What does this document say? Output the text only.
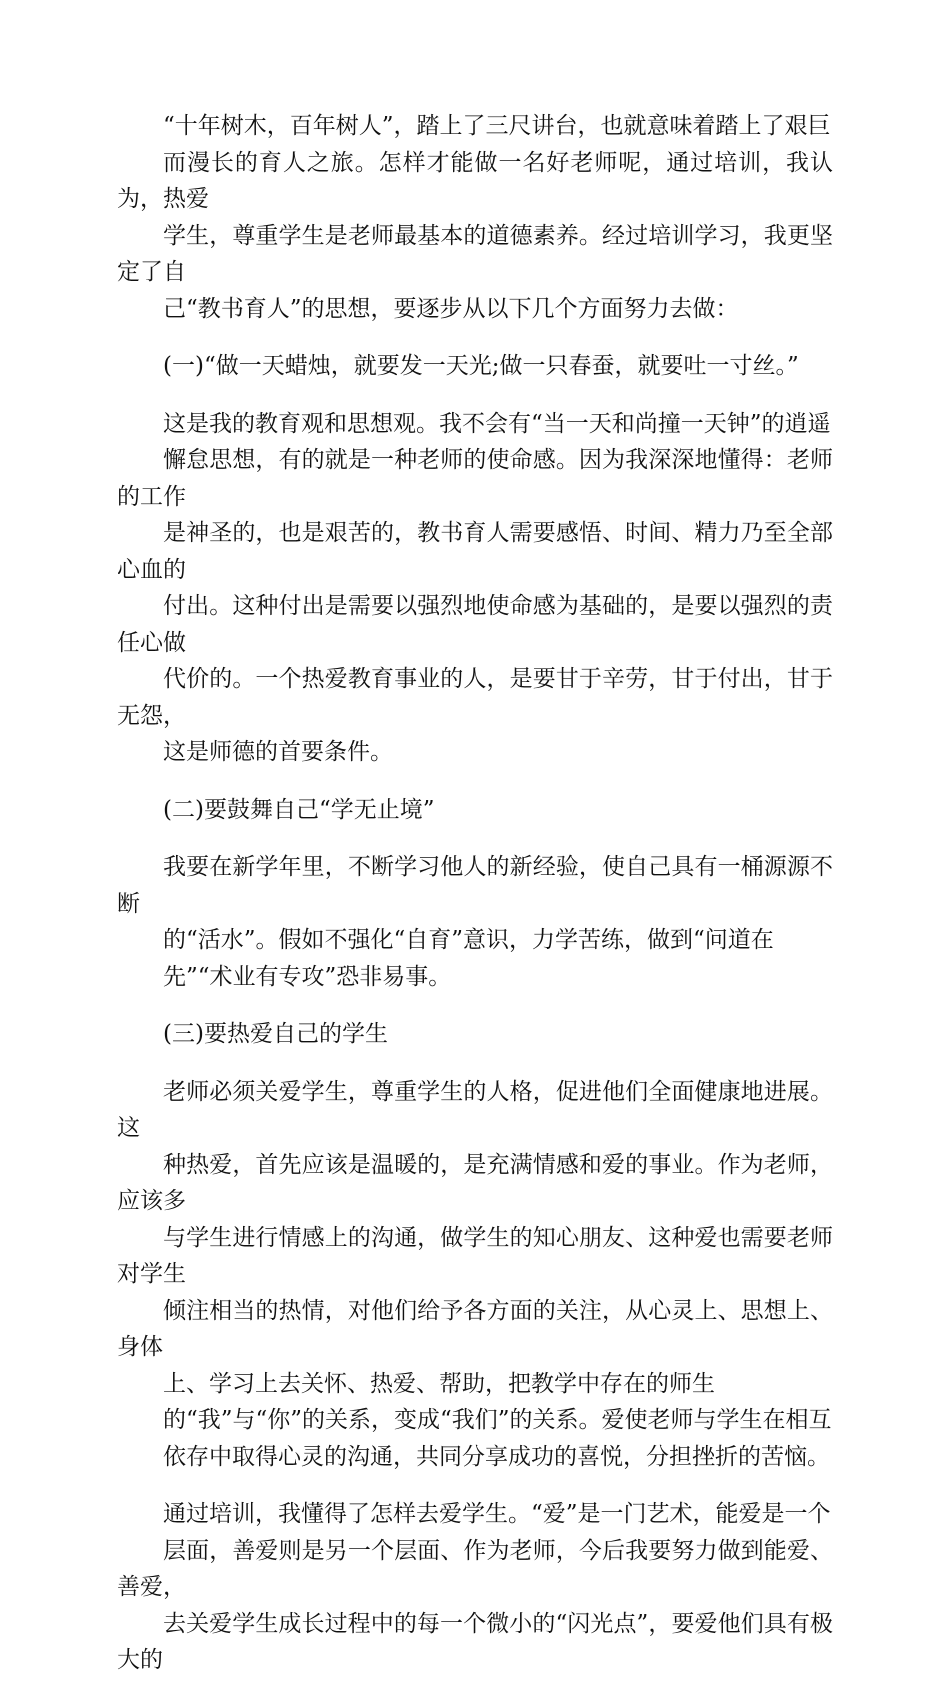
“十年树木，百年树人”，踏上了三尺讲台，也就意味着踏上了艰巨
而漫长的育人之旅。怎样才能做一名好老师呢，通过培训，我认为，热爱
学生，尊重学生是老师最基本的道德素养。经过培训学习，我更坚定了自
己“教书育人”的思想，要逐步从以下几个方面努力去做：

(一)“做一天蜡烛，就要发一天光;做一只春蚕，就要吐一寸丝。”

这是我的教育观和思想观。我不会有“当一天和尚撞一天钟”的逍遥
懈怠思想，有的就是一种老师的使命感。因为我深深地懂得：老师的工作
是神圣的，也是艰苦的，教书育人需要感悟、时间、精力乃至全部心血的
付出。这种付出是需要以强烈地使命感为基础的，是要以强烈的责任心做
代价的。一个热爱教育事业的人，是要甘于辛劳，甘于付出，甘于无怨，
这是师德的首要条件。

(二)要鼓舞自己“学无止境”

我要在新学年里，不断学习他人的新经验，使自己具有一桶源源不断
的“活水”。假如不强化“自育”意识，力学苦练，做到“问道在
先”“术业有专攻”恐非易事。

(三)要热爱自己的学生

老师必须关爱学生，尊重学生的人格，促进他们全面健康地进展。这
种热爱，首先应该是温暖的，是充满情感和爱的事业。作为老师，应该多
与学生进行情感上的沟通，做学生的知心朋友、这种爱也需要老师对学生
倾注相当的热情，对他们给予各方面的关注，从心灵上、思想上、身体
上、学习上去关怀、热爱、帮助，把教学中存在的师生
的“我”与“你”的关系，变成“我们”的关系。爱使老师与学生在相互
依存中取得心灵的沟通，共同分享成功的喜悦，分担挫折的苦恼。

通过培训，我懂得了怎样去爱学生。“爱”是一门艺术，能爱是一个
层面，善爱则是另一个层面、作为老师，今后我要努力做到能爱、善爱，
去关爱学生成长过程中的每一个微小的“闪光点”，要爱他们具有极大的
